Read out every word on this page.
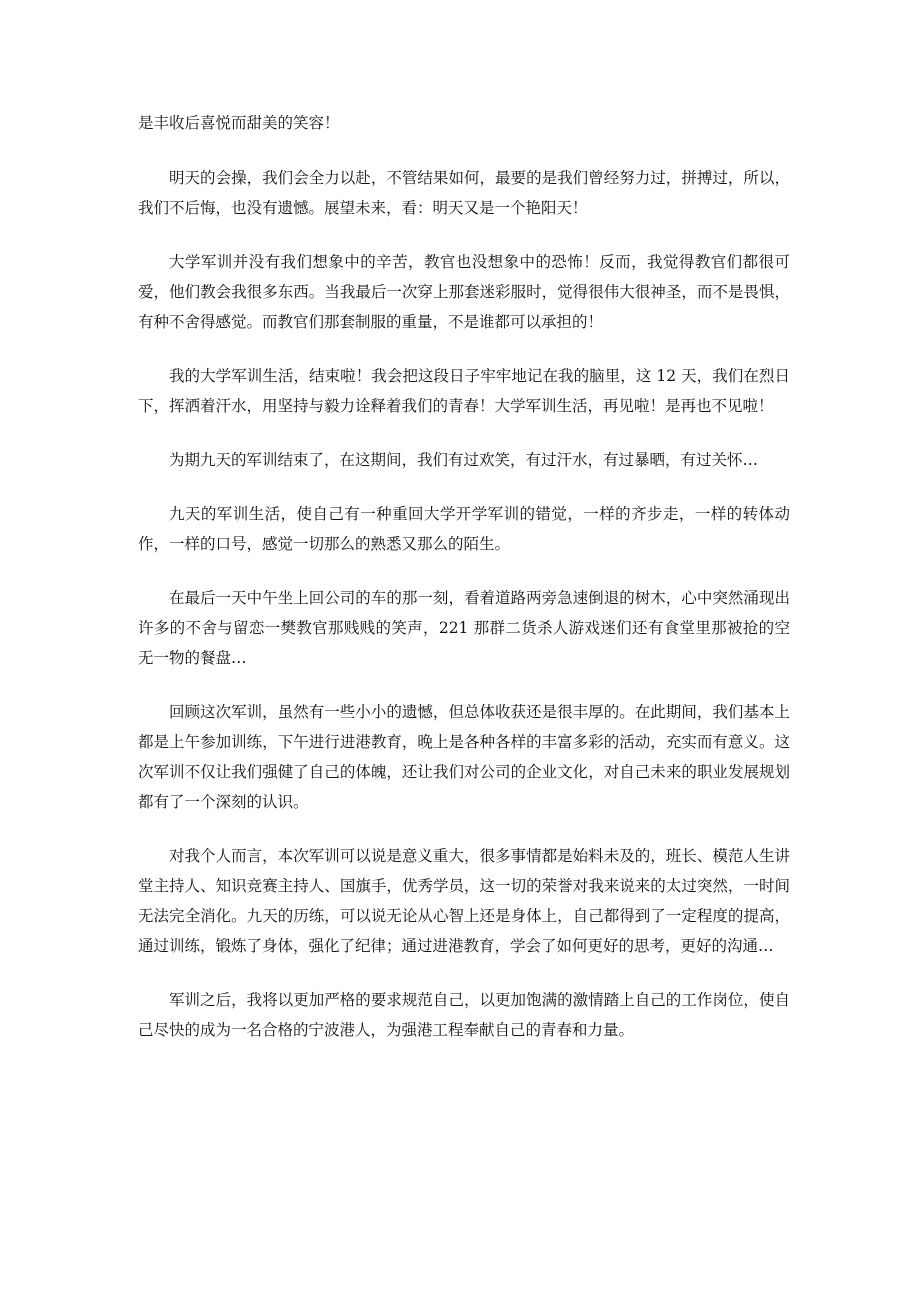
是丰收后喜悦而甜美的笑容！

明天的会操，我们会全力以赴，不管结果如何，最要的是我们曾经努力过，拼搏过，所以，我们不后悔，也没有遗憾。展望未来，看：明天又是一个艳阳天！

大学军训并没有我们想象中的辛苦，教官也没想象中的恐怖！反而，我觉得教官们都很可爱，他们教会我很多东西。当我最后一次穿上那套迷彩服时，觉得很伟大很神圣，而不是畏惧，有种不舍得感觉。而教官们那套制服的重量，不是谁都可以承担的！

我的大学军训生活，结束啦！我会把这段日子牢牢地记在我的脑里，这 12 天，我们在烈日下，挥洒着汗水，用坚持与毅力诠释着我们的青春！大学军训生活，再见啦！是再也不见啦！

为期九天的军训结束了，在这期间，我们有过欢笑，有过汗水，有过暴晒，有过关怀…

九天的军训生活，使自己有一种重回大学开学军训的错觉，一样的齐步走，一样的转体动作，一样的口号，感觉一切那么的熟悉又那么的陌生。

在最后一天中午坐上回公司的车的那一刻，看着道路两旁急速倒退的树木，心中突然涌现出许多的不舍与留恋一樊教官那贱贱的笑声，221 那群二货杀人游戏迷们还有食堂里那被抢的空无一物的餐盘…

回顾这次军训，虽然有一些小小的遗憾，但总体收获还是很丰厚的。在此期间，我们基本上都是上午参加训练，下午进行进港教育，晚上是各种各样的丰富多彩的活动，充实而有意义。这次军训不仅让我们强健了自己的体魄，还让我们对公司的企业文化，对自己未来的职业发展规划都有了一个深刻的认识。

对我个人而言，本次军训可以说是意义重大，很多事情都是始料未及的，班长、模范人生讲堂主持人、知识竞赛主持人、国旗手，优秀学员，这一切的荣誉对我来说来的太过突然，一时间无法完全消化。九天的历练，可以说无论从心智上还是身体上，自己都得到了一定程度的提高，通过训练，锻炼了身体，强化了纪律；通过进港教育，学会了如何更好的思考，更好的沟通…

军训之后，我将以更加严格的要求规范自己，以更加饱满的激情踏上自己的工作岗位，使自己尽快的成为一名合格的宁波港人，为强港工程奉献自己的青春和力量。
